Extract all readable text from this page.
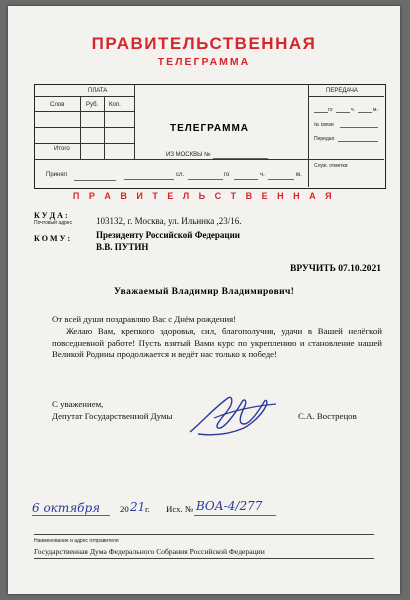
ПРАВИТЕЛЬСТВЕННАЯ
ТЕЛЕГРАММА
ПЛАТА
Слов	Руб. Коп.
Итого
Принял
ТЕЛЕГРАММА
ИЗ МОСКВЫ №
сл.	го	ч.	м.
ПЕРЕДАЧА
го	ч.	м.
№ связи
Передал
Служ. отметки
П Р А В И Т Е Л Ь С Т В Е Н Н А Я
К У Д А :
Почтовый адрес	103132, г. Москва, ул. Ильинка ,23/16.
К О М У :	Президенту Российской Федерации
В.В. ПУТИН
ВРУЧИТЬ 07.10.2021
Уважаемый Владимир Владимирович!
От всей души поздравляю Вас с Днём рождения!
Желаю Вам, крепкого здоровья, сил, благополучия, удачи в Вашей нелёгкой повседневной работе! Пусть взятый Вами курс по укреплению и становление нашей Великой Родины продолжается и ведёт нас только к победе!
С уважением,
Депутат Государственной Думы	С.А. Вострецов
6 октября 20 21 г. Исх. № ВОА-4/277
Наименование и адрес отправителя
Государственная Дума Федерального Собрания Российской Федерации
